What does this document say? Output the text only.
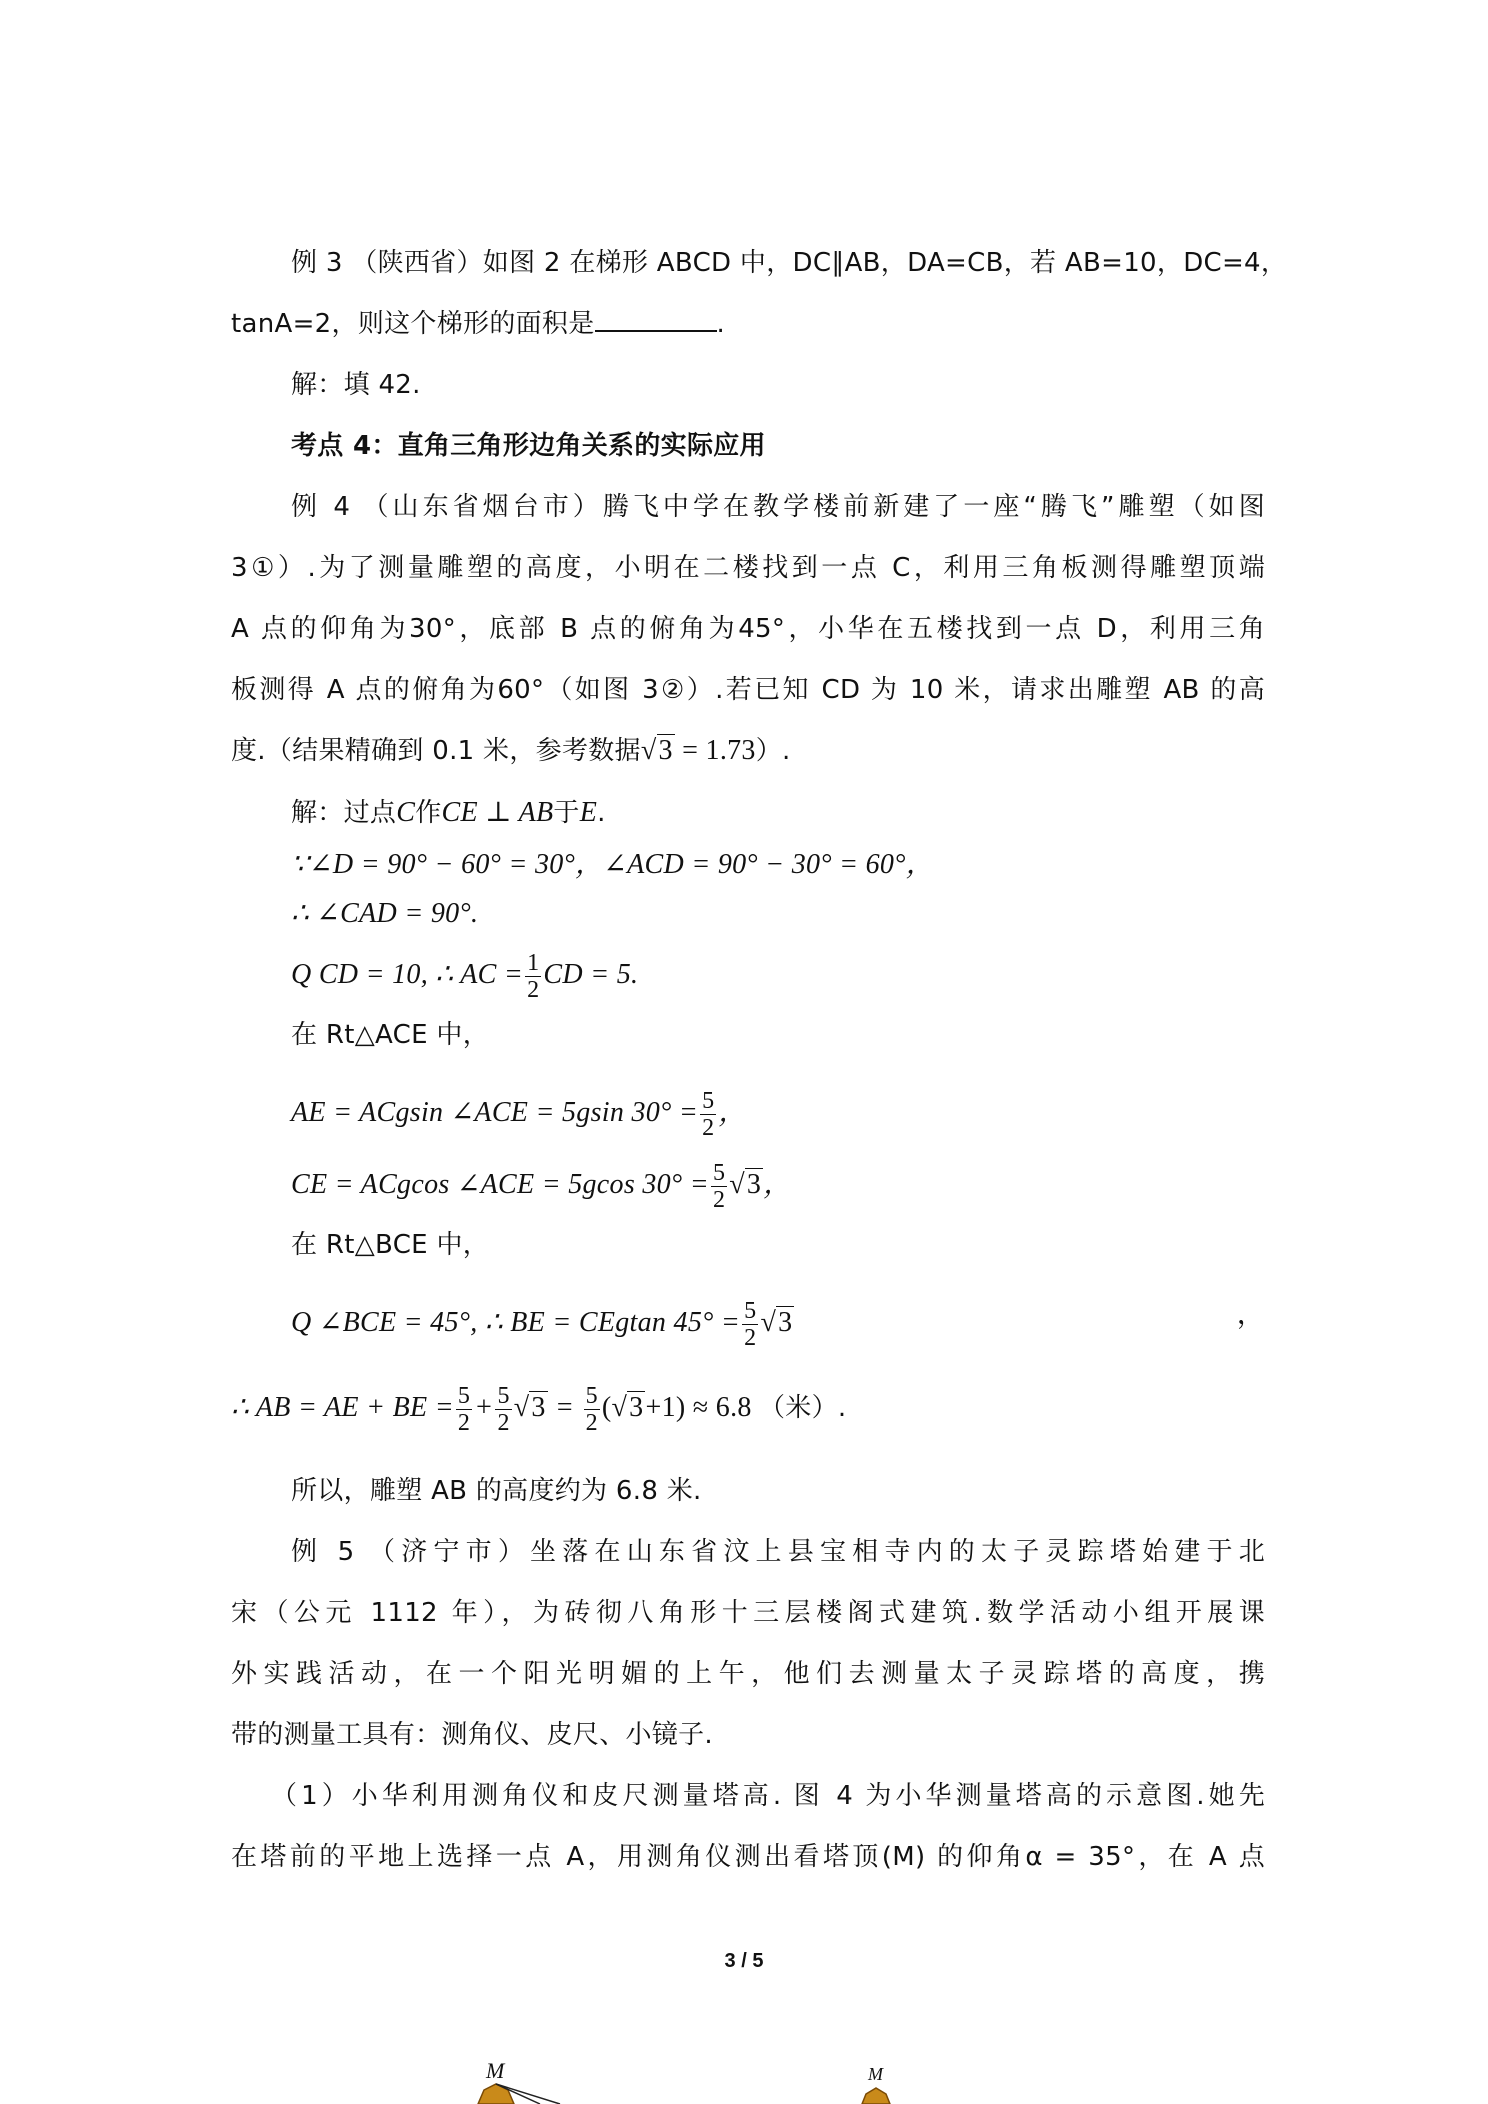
例 3 （陕西省）如图 2 在梯形 ABCD 中，DC∥AB，DA=CB，若 AB=10，DC=4，
tanA=2，则这个梯形的面积是	.
解：填 42.
考点 4：直角三角形边角关系的实际应用
例 4 （山东省烟台市）腾飞中学在教学楼前新建了一座“腾飞”雕塑（如图
3①）.为了测量雕塑的高度，小明在二楼找到一点 C，利用三角板测得雕塑顶端
A 点的仰角为30°，底部 B 点的俯角为45°，小华在五楼找到一点 D，利用三角
板测得 A 点的俯角为60°（如图 3②）.若已知 CD 为 10 米，请求出雕塑 AB 的高
度.（结果精确到 0.1 米，参考数据√3 = 1.73）.
解：过点C作CE ⊥ AB于E.
∵∠D = 90° − 60° = 30°，∠ACD = 90° − 30° = 60°，
∴ ∠CAD = 90°.
Q CD = 10, ∴ AC = $\frac{1}{2}$ CD = 5.
在 Rt△ACE 中，
AE = ACgsin ∠ACE = 5gsin $30^\circ = \frac{5}{2}$ ，
CE = ACgcos ∠ACE = 5gcos $30^\circ = \frac{5}{2} √3$，
在 Rt△BCE 中，
Q ∠BCE = 45°, ∴ BE = CEgtan $45^\circ = \frac{5}{2} √3$	，
∴ AB = AE + BE = $\frac{5}{2} + \frac{5}{2} √3 = \frac{5}{2} (√3+1) \approx 6.8$ （米）.
所以，雕塑 AB 的高度约为 6.8 米.
例 5 （济宁市）坐落在山东省汶上县宝相寺内的太子灵踪塔始建于北
宋（公元 1112 年），为砖彻八角形十三层楼阁式建筑.数学活动小组开展课
外实践活动，在一个阳光明媚的上午，他们去测量太子灵踪塔的高度，携
带的测量工具有：测角仪、皮尺、小镜子.
（1）小华利用测角仪和皮尺测量塔高. 图 4 为小华测量塔高的示意图.她先
在塔前的平地上选择一点 A，用测角仪测出看塔顶(M) 的仰角α = 35°，在 A 点
3 / 5
M	M
